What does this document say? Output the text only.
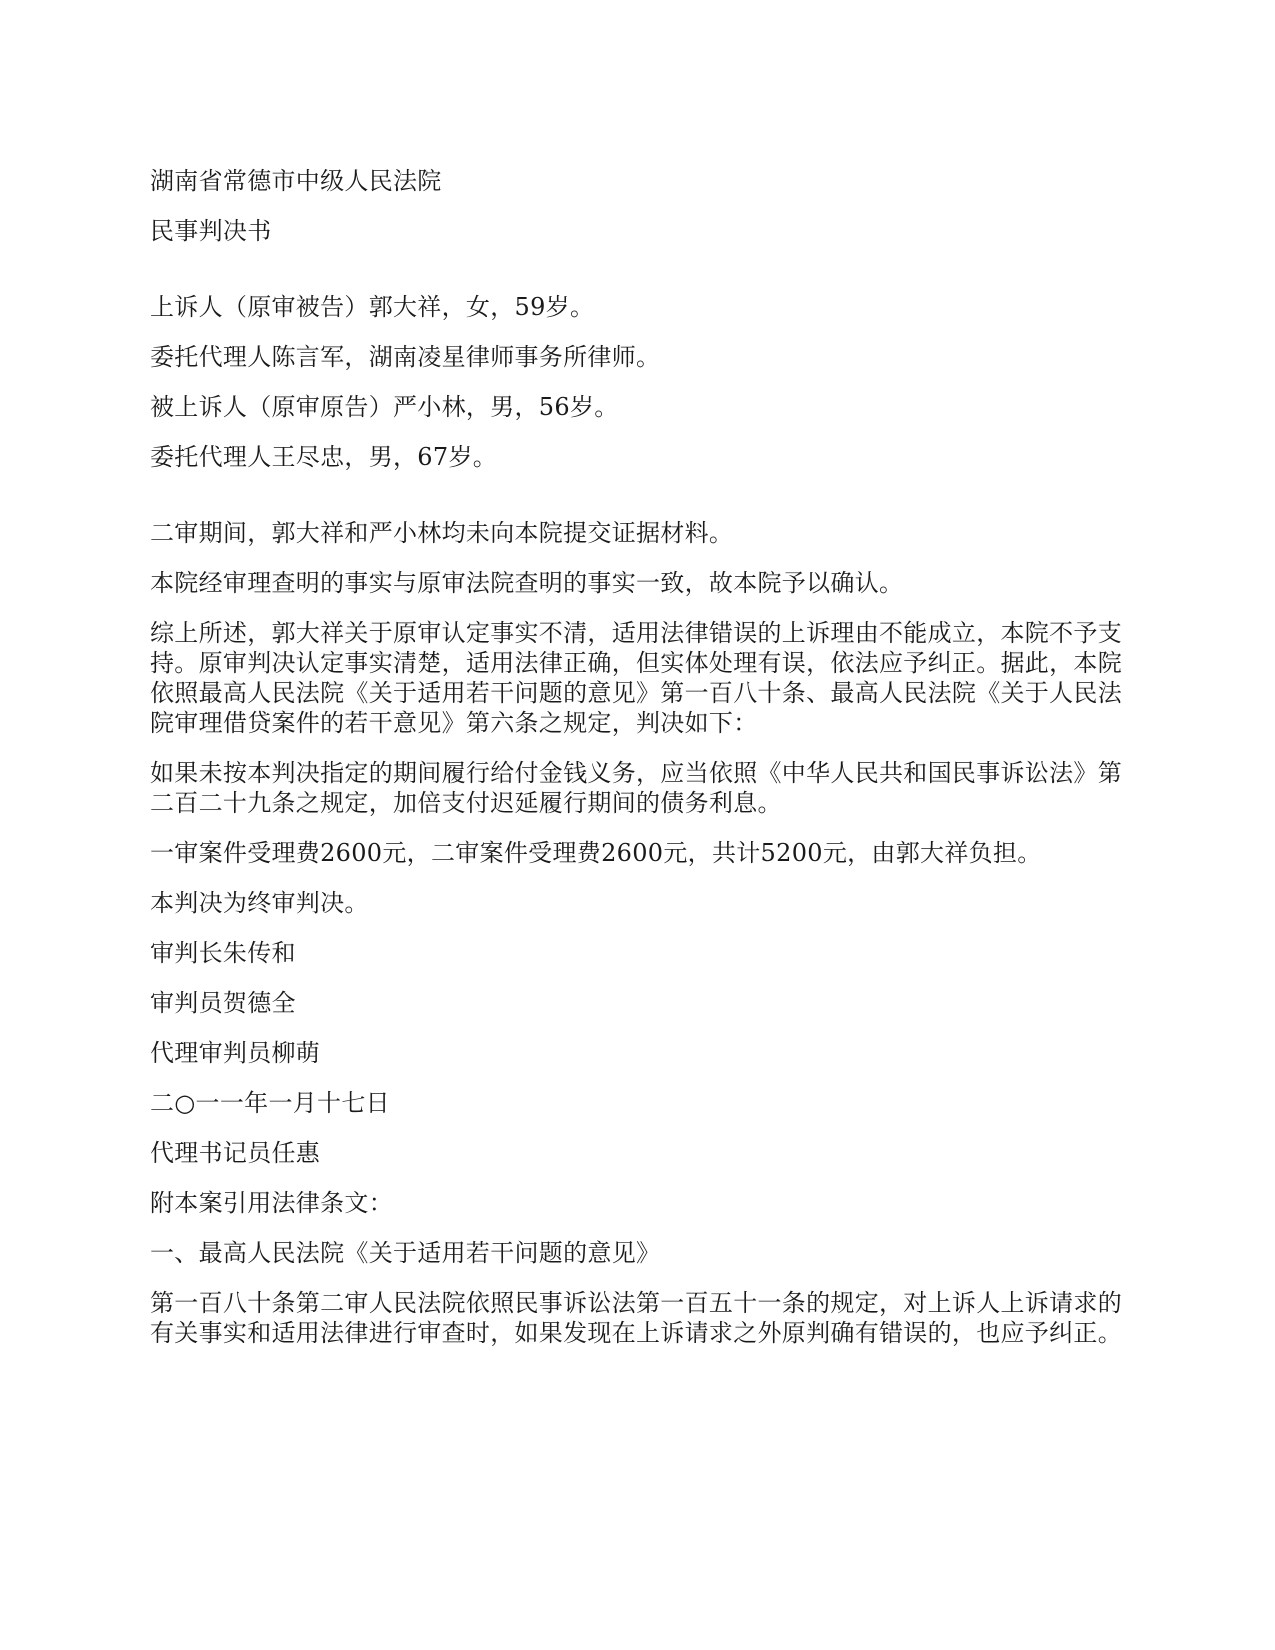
湖南省常德市中级人民法院

民事判决书

上诉人（原审被告）郭大祥，女，59岁。

委托代理人陈言军，湖南凌星律师事务所律师。

被上诉人（原审原告）严小林，男，56岁。

委托代理人王尽忠，男，67岁。

二审期间，郭大祥和严小林均未向本院提交证据材料。

本院经审理查明的事实与原审法院查明的事实一致，故本院予以确认。

综上所述，郭大祥关于原审认定事实不清，适用法律错误的上诉理由不能成立，本院不予支持。原审判决认定事实清楚，适用法律正确，但实体处理有误，依法应予纠正。据此，本院依照最高人民法院《关于适用若干问题的意见》第一百八十条、最高人民法院《关于人民法院审理借贷案件的若干意见》第六条之规定，判决如下：

如果未按本判决指定的期间履行给付金钱义务，应当依照《中华人民共和国民事诉讼法》第二百二十九条之规定，加倍支付迟延履行期间的债务利息。

一审案件受理费2600元，二审案件受理费2600元，共计5200元，由郭大祥负担。

本判决为终审判决。

审判长朱传和

审判员贺德全

代理审判员柳萌

二○一一年一月十七日

代理书记员任惠

附本案引用法律条文：

一、最高人民法院《关于适用若干问题的意见》

第一百八十条第二审人民法院依照民事诉讼法第一百五十一条的规定，对上诉人上诉请求的有关事实和适用法律进行审查时，如果发现在上诉请求之外原判确有错误的，也应予纠正。
